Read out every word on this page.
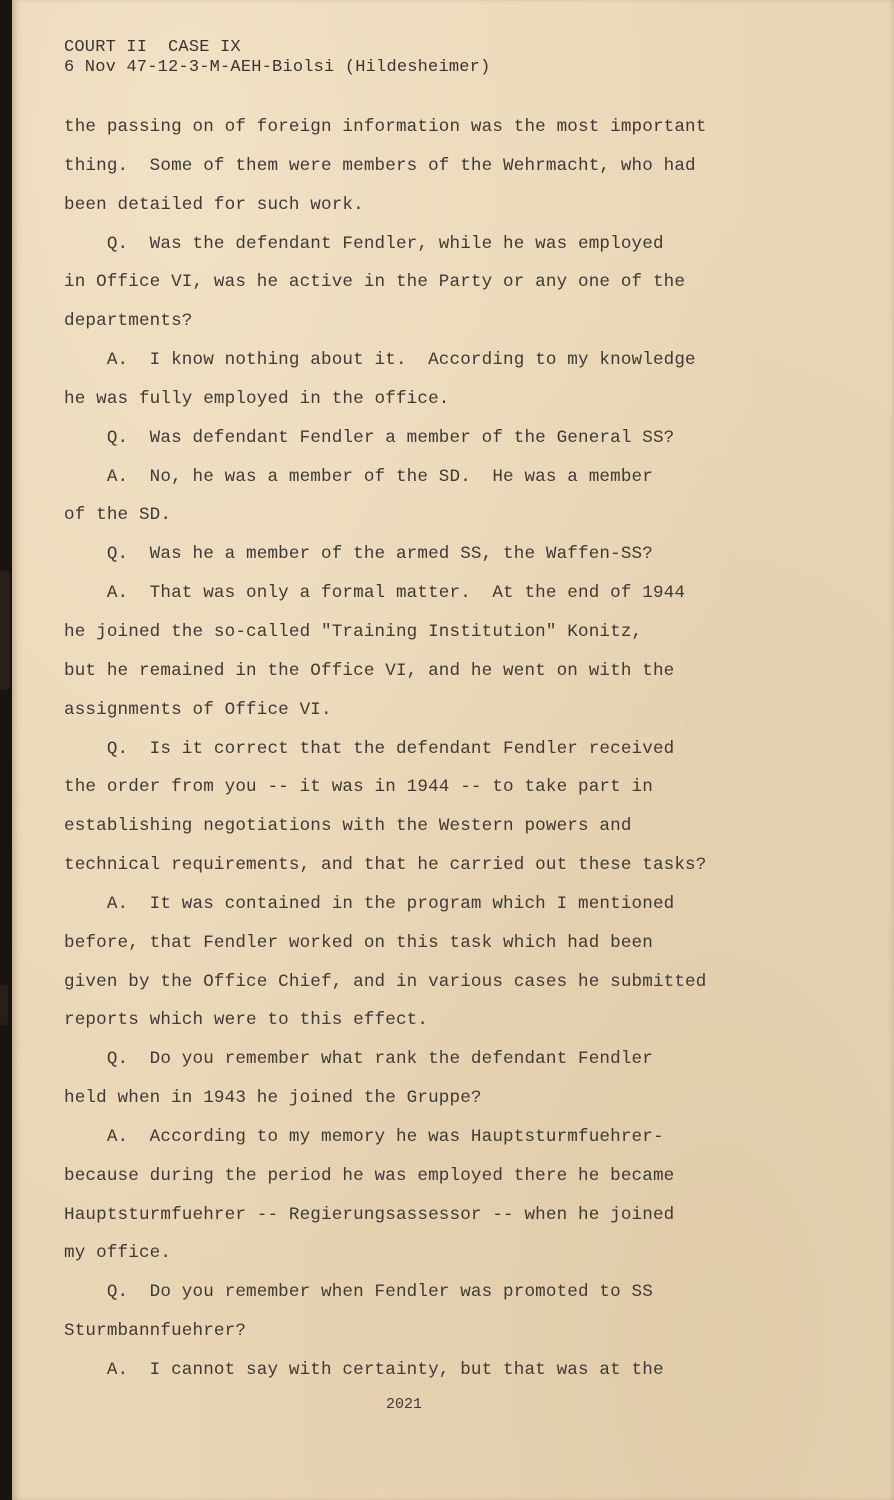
COURT II  CASE IX
6 Nov 47-12-3-M-AEH-Biolsi (Hildesheimer)
the passing on of foreign information was the most important
thing.  Some of them were members of the Wehrmacht, who had
been detailed for such work.
Q.  Was the defendant Fendler, while he was employed
in Office VI, was he active in the Party or any one of the
departments?
A.  I know nothing about it.  According to my knowledge
he was fully employed in the office.
Q.  Was defendant Fendler a member of the General SS?
A.  No, he was a member of the SD.  He was a member
of the SD.
Q.  Was he a member of the armed SS, the Waffen-SS?
A.  That was only a formal matter.  At the end of 1944
he joined the so-called "Training Institution" Konitz,
but he remained in the Office VI, and he went on with the
assignments of Office VI.
Q.  Is it correct that the defendant Fendler received
the order from you -- it was in 1944 -- to take part in
establishing negotiations with the Western powers and
technical requirements, and that he carried out these tasks?
A.  It was contained in the program which I mentioned
before, that Fendler worked on this task which had been
given by the Office Chief, and in various cases he submitted
reports which were to this effect.
Q.  Do you remember what rank the defendant Fendler
held when in 1943 he joined the Gruppe?
A.  According to my memory he was Hauptsturmfuehrer-
because during the period he was employed there he became
Hauptsturmfuehrer -- Regierungsassessor -- when he joined
my office.
Q.  Do you remember when Fendler was promoted to SS
Sturmbannfuehrer?
A.  I cannot say with certainty, but that was at the
2021
